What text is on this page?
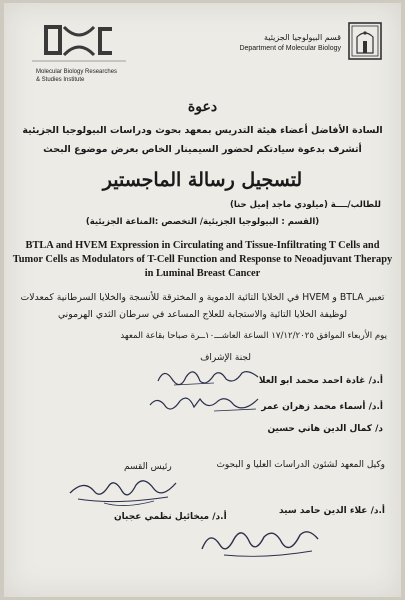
Molecular Biology Researches
& Studies Institute
قسم البيولوجيا الجزيئية
Department of Molecular Biology
دعوة
السادة الأفاضل أعضاء هيئة التدريس بمعهد بحوث ودراسات البيولوجيا الجزيئية
أتشرف بدعوة سيادتكم لحضور السيمينار الخاص بعرض موضوع البحث
لتسجيل رسالة الماجستير
للطالب/ــــة (ميلودي ماجد إميل حنا)
(القسم : البيولوجيا الجزيئية/ التخصص :المناعة الجزيئية)
BTLA and HVEM Expression in Circulating and Tissue-Infiltrating T Cells and Tumor Cells as Modulators of T-Cell Function and Response to Neoadjuvant Therapy in Luminal Breast Cancer
تعبير BTLA و HVEM في الخلايا التائية الدموية و المخترقة للأنسجة والخلايا السرطانية كمعدلات لوظيفة الخلايا التائية والاستجابة للعلاج المساعد في سرطان الثدي الهرموني
يوم الأربعاء الموافق ١٧/١٢/٢٠٢٥ الساعة العاشـــ١٠ــرة صباحا بقاعة المعهد
لجنة الإشراف
أ.د/ غادة احمد محمد ابو العلا
أ.د/ أسماء محمد زهران عمر
د/ كمال الدين هاني حسين
رئيس القسم	وكيل المعهد لشئون الدراسات العليا و البحوث
أ.د/ علاء الدين حامد سيد
أ.د/ ميخائيل نظمي عجبان
